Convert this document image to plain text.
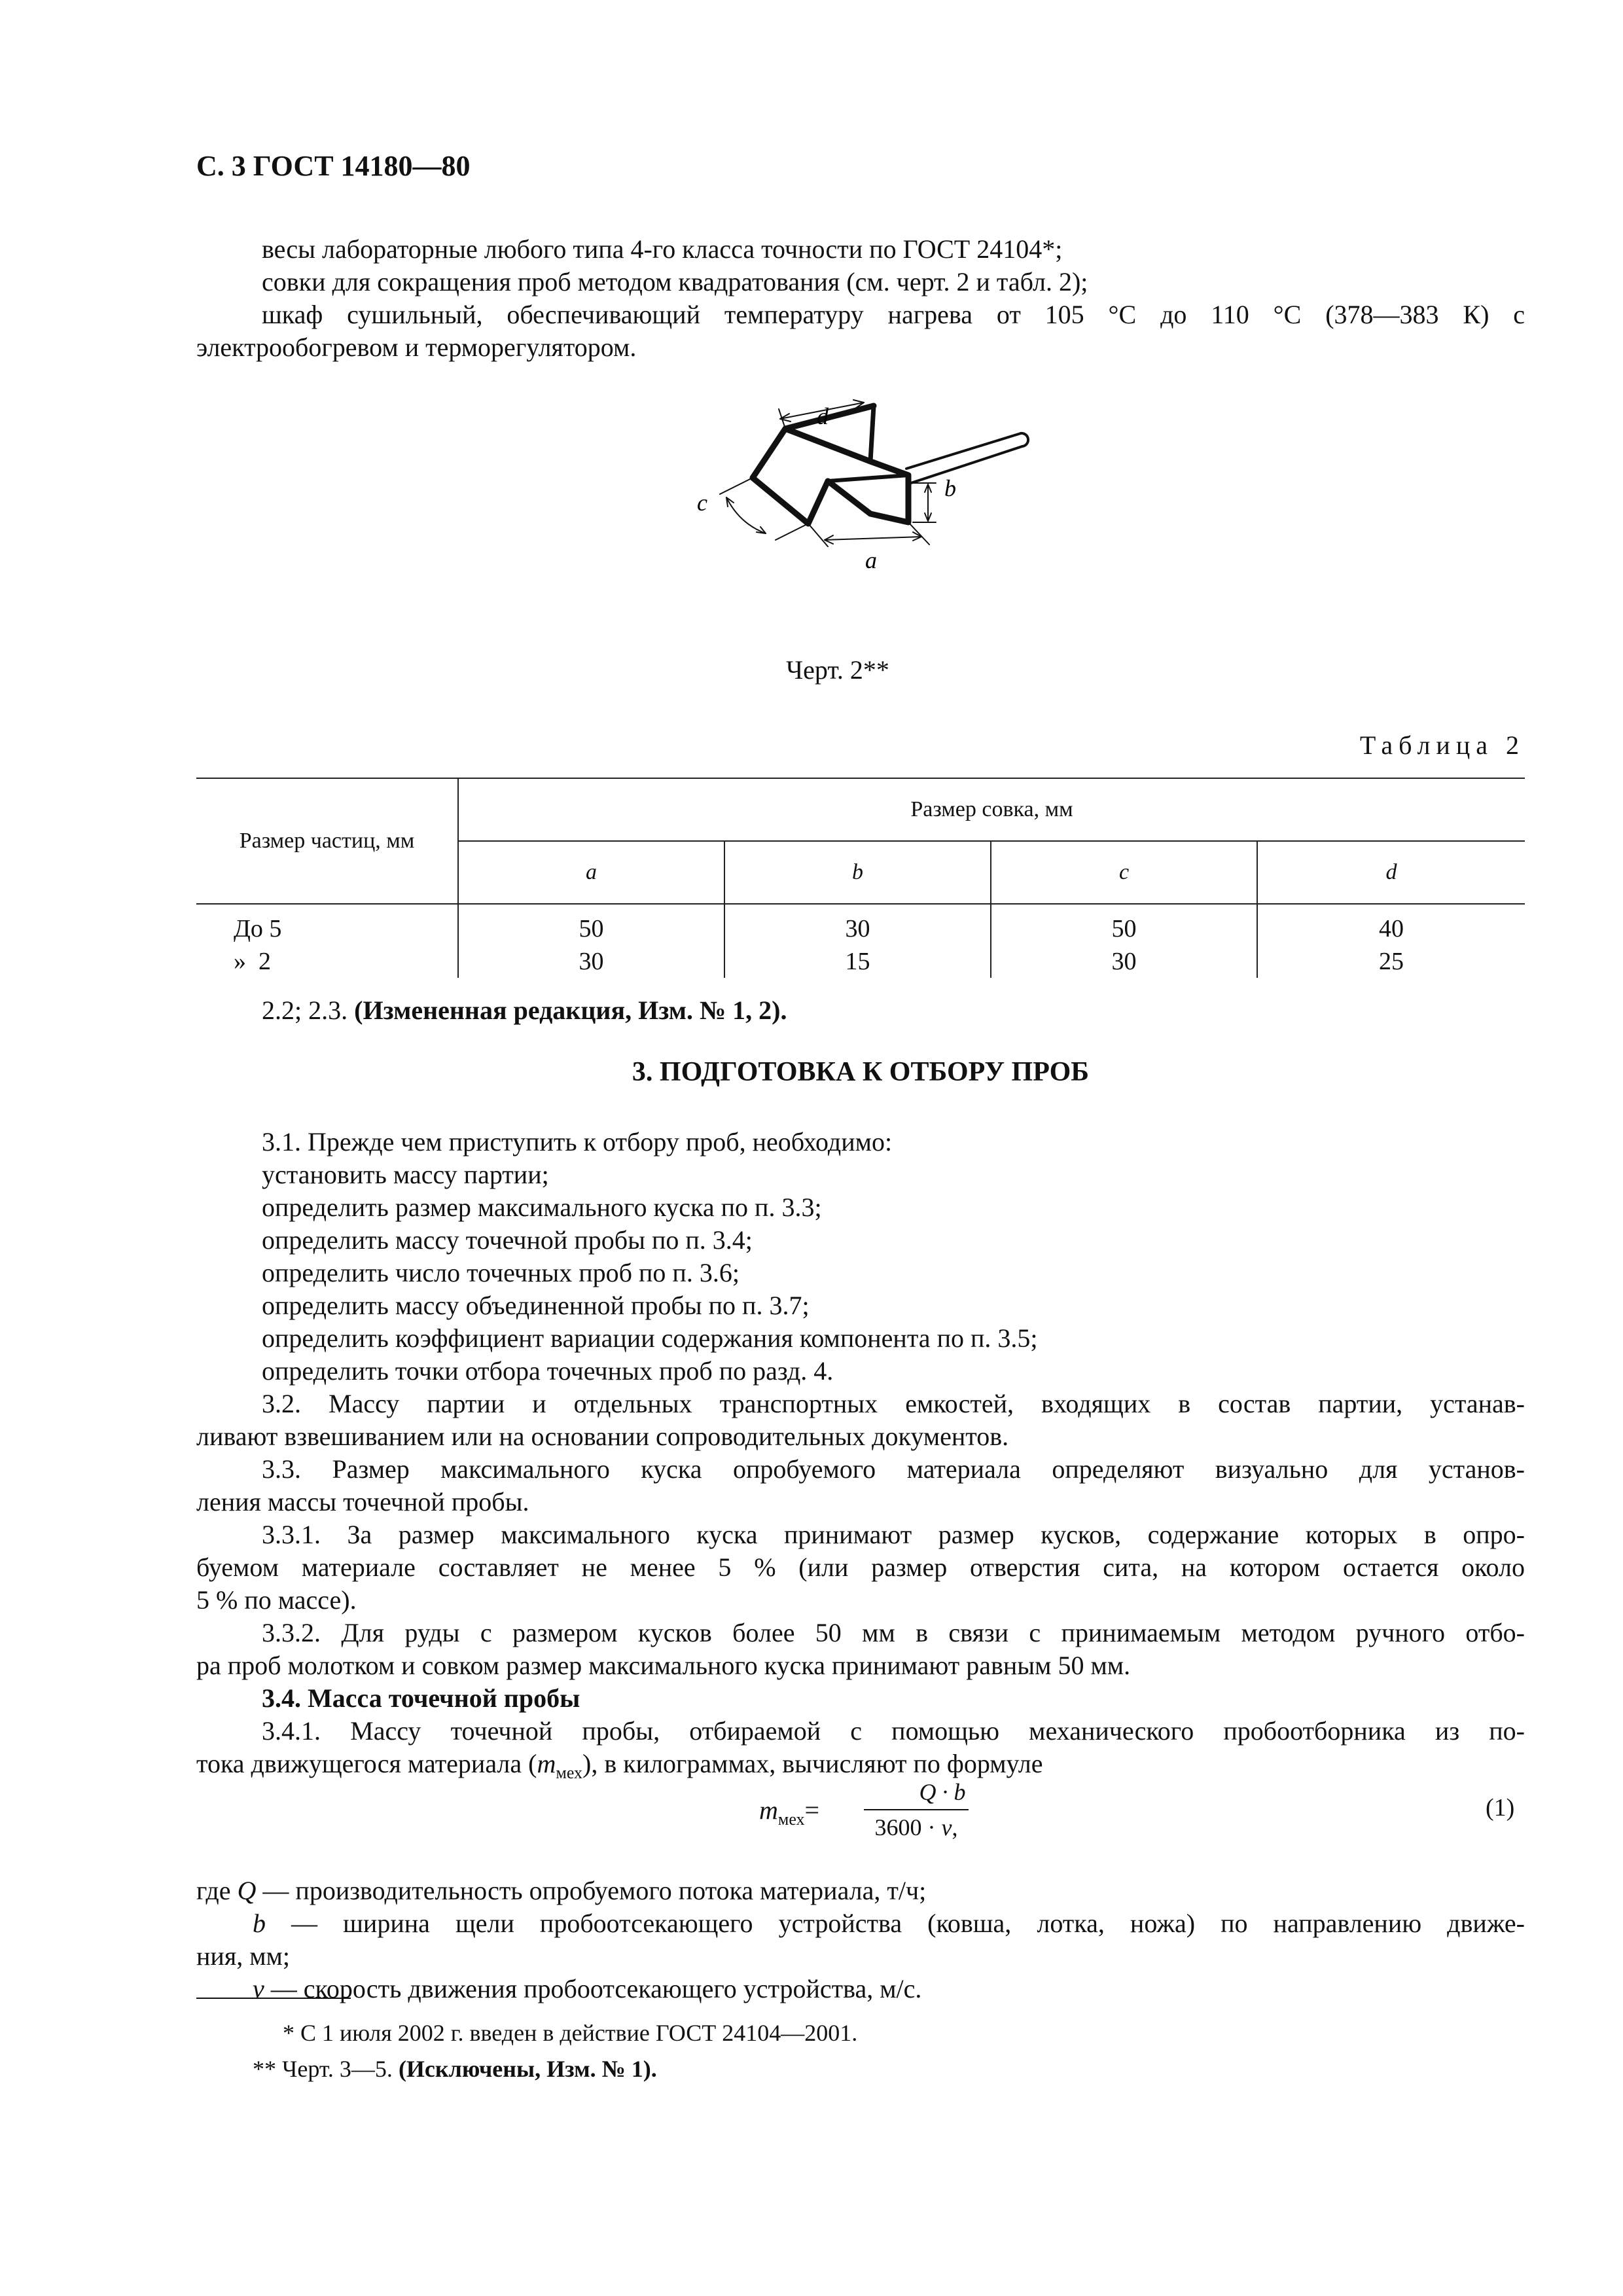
С. 3 ГОСТ 14180—80
весы лабораторные любого типа 4-го класса точности по ГОСТ 24104*;
совки для сокращения проб методом квадратования (см. черт. 2 и табл. 2);
шкаф сушильный, обеспечивающий температуру нагрева от 105 °С до 110 °С (378—383 К) с
электрообогревом и терморегулятором.
d
b
c
a
Черт. 2**
Таблица 2
Размер частиц, мм	Размер совка, мм			
	a	b	c	d
До 5	50	30	50	40
»  2	30	15	30	25
2.2; 2.3. (Измененная редакция, Изм. № 1, 2).
3. ПОДГОТОВКА К ОТБОРУ ПРОБ
3.1. Прежде чем приступить к отбору проб, необходимо:
установить массу партии;
определить размер максимального куска по п. 3.3;
определить массу точечной пробы по п. 3.4;
определить число точечных проб по п. 3.6;
определить массу объединенной пробы по п. 3.7;
определить коэффициент вариации содержания компонента по п. 3.5;
определить точки отбора точечных проб по разд. 4.
3.2. Массу партии и отдельных транспортных емкостей, входящих в состав партии, устанав-
ливают взвешиванием или на основании сопроводительных документов.
3.3. Размер максимального куска опробуемого материала определяют визуально для установ-
ления массы точечной пробы.
3.3.1. За размер максимального куска принимают размер кусков, содержание которых в опро-
буемом материале составляет не менее 5 % (или размер отверстия сита, на котором остается около
5 % по массе).
3.3.2. Для руды с размером кусков более 50 мм в связи с принимаемым методом ручного отбо-
ра проб молотком и совком размер максимального куска принимают равным 50 мм.
3.4. Масса точечной пробы
3.4.1. Массу точечной пробы, отбираемой с помощью механического пробоотборника из по-
тока движущегося материала $(m_{мех})$, в килограммах, вычисляют по формуле
$m_{мех}=$
Q · b
3600 · v,
(1)
где Q — производительность опробуемого потока материала, т/ч;
b — ширина щели пробоотсекающего устройства (ковша, лотка, ножа) по направлению движе-
ния, мм;
v — скорость движения пробоотсекающего устройства, м/с.
* С 1 июля 2002 г. введен в действие ГОСТ 24104—2001.
** Черт. 3—5. (Исключены, Изм. № 1).
